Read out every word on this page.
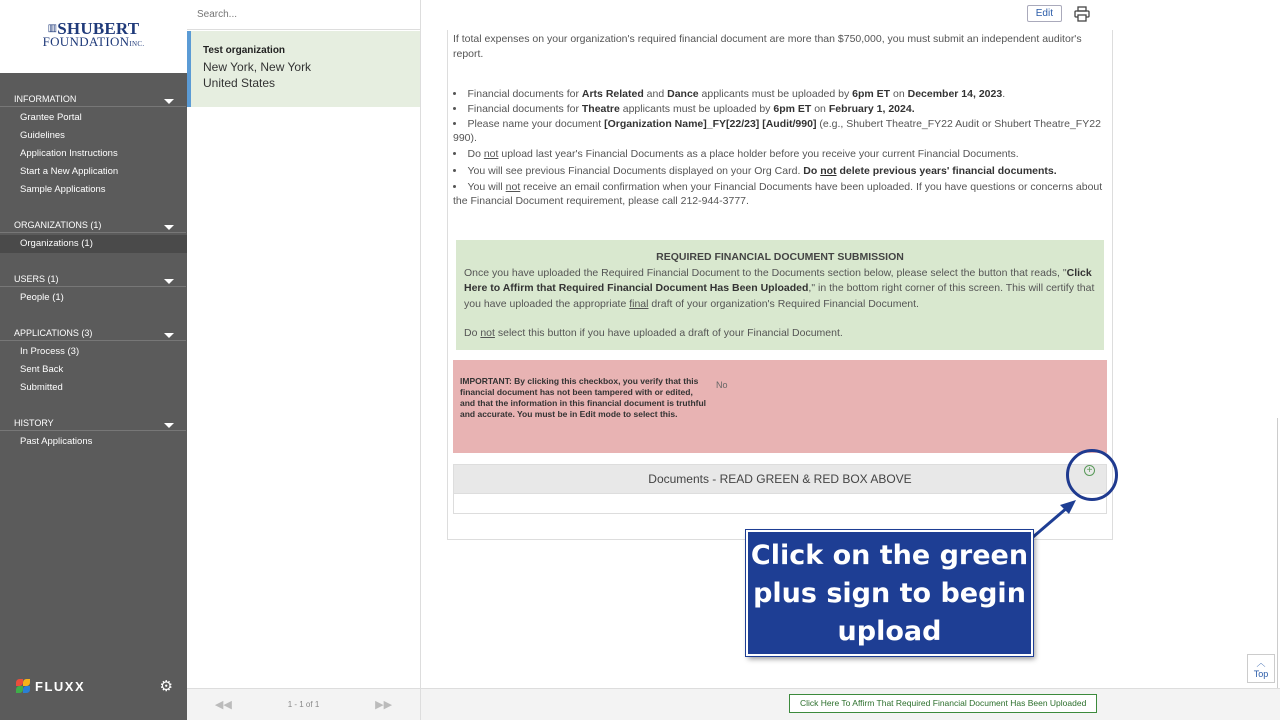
▥SHUBERT
FOUNDATIONINC.
INFORMATION
Grantee Portal
Guidelines
Application Instructions
Start a New Application
Sample Applications
ORGANIZATIONS (1)
Organizations (1)
USERS (1)
People (1)
APPLICATIONS (3)
In Process (3)
Sent Back
Submitted
HISTORY
Past Applications
FLUXX	⚙
Search...
Test organization
New York, New York
United States
◀◀	1 - 1 of 1	▶▶
Edit

If total expenses on your organization's required financial document are more than $750,000, you must submit an independent auditor's report.

• Financial documents for Arts Related and Dance applicants must be uploaded by 6pm ET on December 14, 2023.
• Financial documents for Theatre applicants must be uploaded by 6pm ET on February 1, 2024.
• Please name your document [Organization Name]_FY[22/23] [Audit/990] (e.g., Shubert Theatre_FY22 Audit or Shubert Theatre_FY22 990).
• Do not upload last year's Financial Documents as a place holder before you receive your current Financial Documents.
• You will see previous Financial Documents displayed on your Org Card. Do not delete previous years' financial documents.
• You will not receive an email confirmation when your Financial Documents have been uploaded. If you have questions or concerns about the Financial Document requirement, please call 212-944-3777.
REQUIRED FINANCIAL DOCUMENT SUBMISSION
Once you have uploaded the Required Financial Document to the Documents section below, please select the button that reads, "Click Here to Affirm that Required Financial Document Has Been Uploaded," in the bottom right corner of this screen. This will certify that you have uploaded the appropriate final draft of your organization's Required Financial Document.
Do not select this button if you have uploaded a draft of your Financial Document.
IMPORTANT: By clicking this checkbox, you verify that this financial document has not been tampered with or edited, and that the information in this financial document is truthful and accurate. You must be in Edit mode to select this.
No
Documents - READ GREEN & RED BOX ABOVE
+
Click on the green plus sign to begin upload
︿
Top
Click Here To Affirm That Required Financial Document Has Been Uploaded
